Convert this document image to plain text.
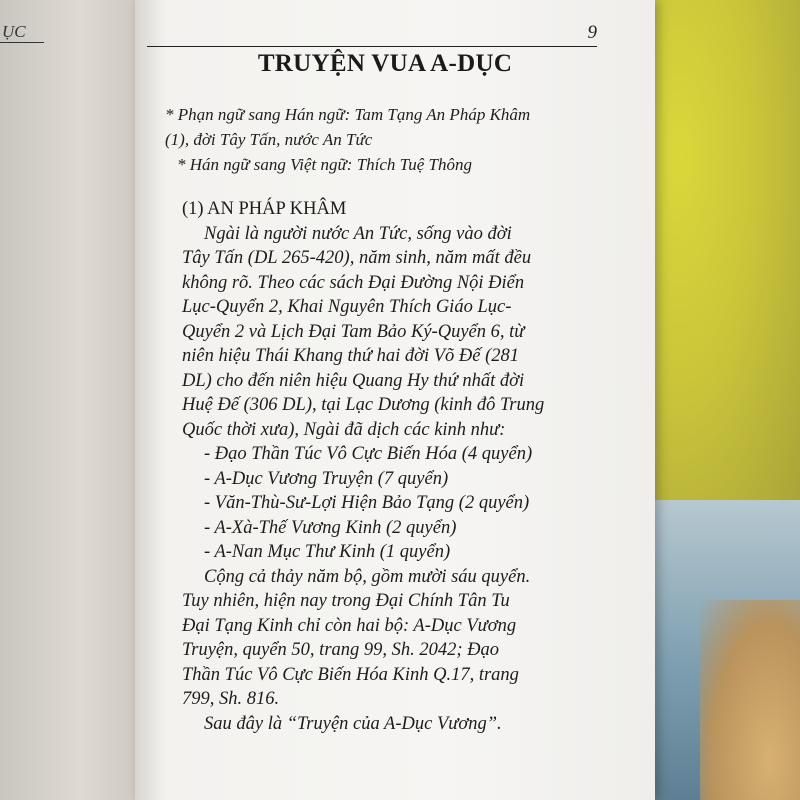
ỤC	9
TRUYỆN VUA A-DỤC
* Phạn ngữ sang Hán ngữ: Tam Tạng An Pháp Khâm
(1), đời Tây Tấn, nước An Tức
* Hán ngữ sang Việt ngữ: Thích Tuệ Thông
(1) AN PHÁP KHÂM
Ngài là người nước An Tức, sống vào đời
Tây Tấn (DL 265-420), năm sinh, năm mất đều
không rõ. Theo các sách Đại Đường Nội Điển
Lục-Quyển 2, Khai Nguyên Thích Giáo Lục-
Quyển 2 và Lịch Đại Tam Bảo Ký-Quyển 6, từ
niên hiệu Thái Khang thứ hai đời Võ Đế (281
DL) cho đến niên hiệu Quang Hy thứ nhất đời
Huệ Đế (306 DL), tại Lạc Dương (kinh đô Trung
Quốc thời xưa), Ngài đã dịch các kinh như:
- Đạo Thần Túc Vô Cực Biến Hóa (4 quyển)
- A-Dục Vương Truyện (7 quyển)
- Văn-Thù-Sư-Lợi Hiện Bảo Tạng (2 quyển)
- A-Xà-Thế Vương Kinh (2 quyển)
- A-Nan Mục Thư Kinh (1 quyển)
Cộng cả thảy năm bộ, gồm mười sáu quyển.
Tuy nhiên, hiện nay trong Đại Chính Tân Tu
Đại Tạng Kinh chỉ còn hai bộ: A-Dục Vương
Truyện, quyển 50, trang 99, Sh. 2042; Đạo
Thần Túc Vô Cực Biến Hóa Kinh Q.17, trang
799, Sh. 816.
Sau đây là “Truyện của A-Dục Vương”.
